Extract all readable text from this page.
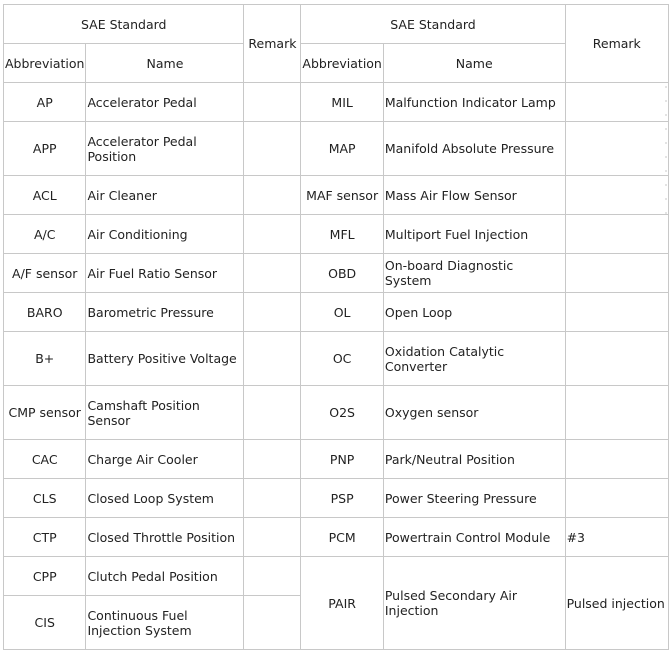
SAE Standard		Remark	SAE Standard		Remark
Abbreviation	Name		Abbreviation	Name	
AP	Accelerator Pedal		MIL	Malfunction Indicator Lamp	
APP	Accelerator Pedal Position		MAP	Manifold Absolute Pressure	
ACL	Air Cleaner		MAF sensor	Mass Air Flow Sensor	
A/C	Air Conditioning		MFL	Multiport Fuel Injection	
A/F sensor	Air Fuel Ratio Sensor		OBD	On-board Diagnostic System	
BARO	Barometric Pressure		OL	Open Loop	
B+	Battery Positive Voltage		OC	Oxidation Catalytic Converter	
CMP sensor	Camshaft Position Sensor		O2S	Oxygen sensor	
CAC	Charge Air Cooler		PNP	Park/Neutral Position	
CLS	Closed Loop System		PSP	Power Steering Pressure	
CTP	Closed Throttle Position		PCM	Powertrain Control Module	#3
CPP	Clutch Pedal Position		PAIR	Pulsed Secondary Air Injection	Pulsed injection
CIS	Continuous Fuel Injection System				
